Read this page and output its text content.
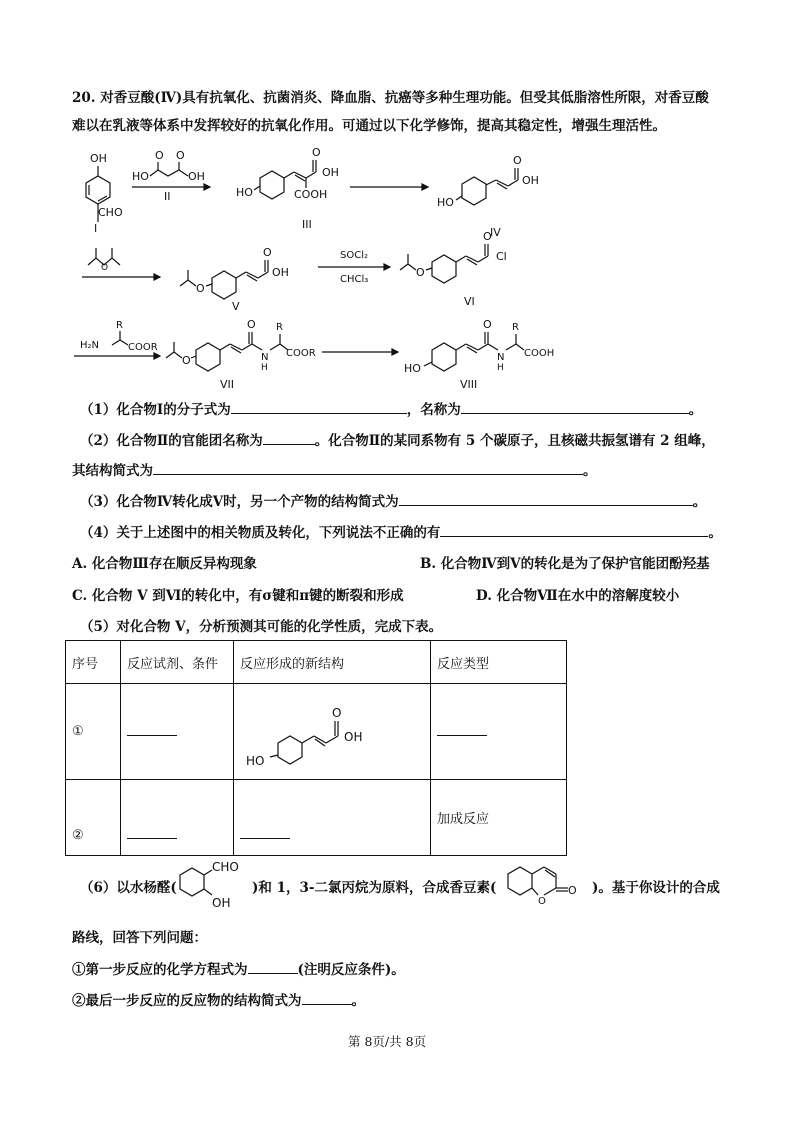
20. 对香豆酸(Ⅳ)具有抗氧化、抗菌消炎、降血脂、抗癌等多种生理功能。但受其低脂溶性所限，对香豆酸
难以在乳液等体系中发挥较好的抗氧化作用。可通过以下化学修饰，提高其稳定性，增强生理活性。
OH
CHO
I
O O
HO	OH
II	HO
O
OH
COOH
III
HO
O
OH
IV
O
O
O
OH
V
SOCl₂
CHCl₃
O
O
Cl
VI
R
H₂N	COOR
O
O
N
H
R
COOR
VII
HO
O
N
H
R
COOH
VIII
（1）化合物Ⅰ的分子式为	，名称为	。
（2）化合物Ⅱ的官能团名称为	。化合物Ⅱ的某同系物有 5 个碳原子，且核磁共振氢谱有 2 组峰，
其结构简式为	。
（3）化合物Ⅳ转化成Ⅴ时，另一个产物的结构简式为	。
（4）关于上述图中的相关物质及转化，下列说法不正确的有	。
A. 化合物Ⅲ存在顺反异构现象	B. 化合物Ⅳ到Ⅴ的转化是为了保护官能团酚羟基
C. 化合物 V 到Ⅵ的转化中，有σ键和π键的断裂和形成	D. 化合物Ⅶ在水中的溶解度较小
（5）对化合物 V，分析预测其可能的化学性质，完成下表。
序号	反应试剂、条件	反应形成的新结构	反应类型
①		HO
O
OH	

②			加成反应
（6）以水杨醛(
CHO
OH
)和 1，3-二氯丙烷为原料，合成香豆素(
O
O )。基于你设计的合成
路线，回答下列问题：
①第一步反应的化学方程式为	(注明反应条件)。
②最后一步反应的反应物的结构简式为	。
第 8页/共 8页
